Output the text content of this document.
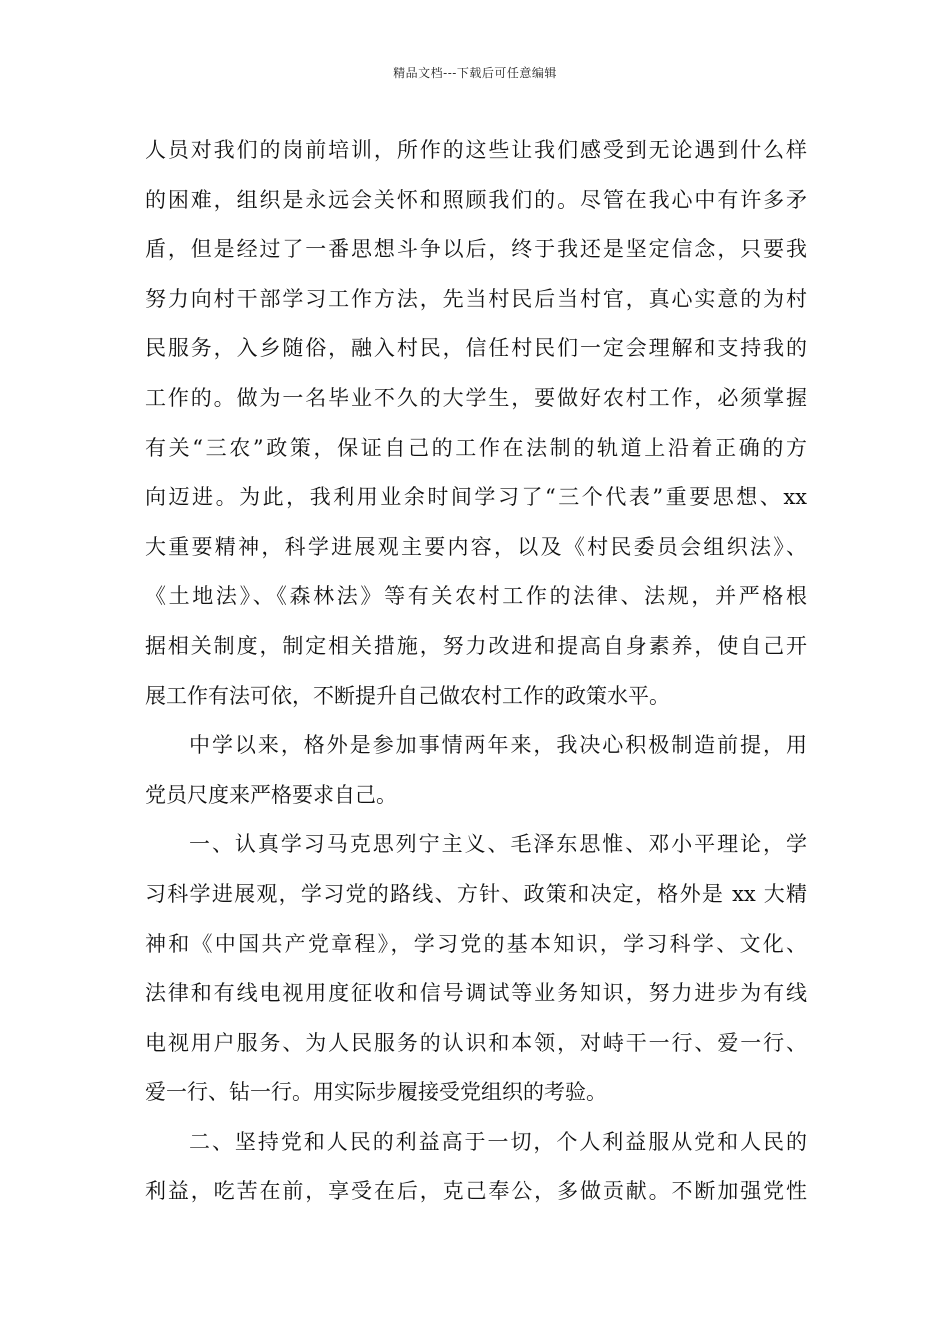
精品文档---下载后可任意编辑
人员对我们的岗前培训，所作的这些让我们感受到无论遇到什么样
的困难，组织是永远会关怀和照顾我们的。尽管在我心中有许多矛
盾，但是经过了一番思想斗争以后，终于我还是坚定信念，只要我
努力向村干部学习工作方法，先当村民后当村官，真心实意的为村
民服务，入乡随俗，融入村民，信任村民们一定会理解和支持我的
工作的。做为一名毕业不久的大学生，要做好农村工作，必须掌握
有关“三农”政策，保证自己的工作在法制的轨道上沿着正确的方
向迈进。为此，我利用业余时间学习了“三个代表”重要思想、xx
大重要精神，科学进展观主要内容，以及《村民委员会组织法》、
《土地法》、《森林法》等有关农村工作的法律、法规，并严格根
据相关制度，制定相关措施，努力改进和提高自身素养，使自己开
展工作有法可依，不断提升自己做农村工作的政策水平。
中学以来，格外是参加事情两年来，我决心积极制造前提，用
党员尺度来严格要求自己。
一、认真学习马克思列宁主义、毛泽东思惟、邓小平理论，学
习科学进展观，学习党的路线、方针、政策和决定，格外是 xx 大精
神和《中国共产党章程》，学习党的基本知识，学习科学、文化、
法律和有线电视用度征收和信号调试等业务知识，努力进步为有线
电视用户服务、为人民服务的认识和本领，对峙干一行、爱一行、
爱一行、钻一行。用实际步履接受党组织的考验。
二、坚持党和人民的利益高于一切，个人利益服从党和人民的
利益，吃苦在前，享受在后，克己奉公，多做贡献。不断加强党性
